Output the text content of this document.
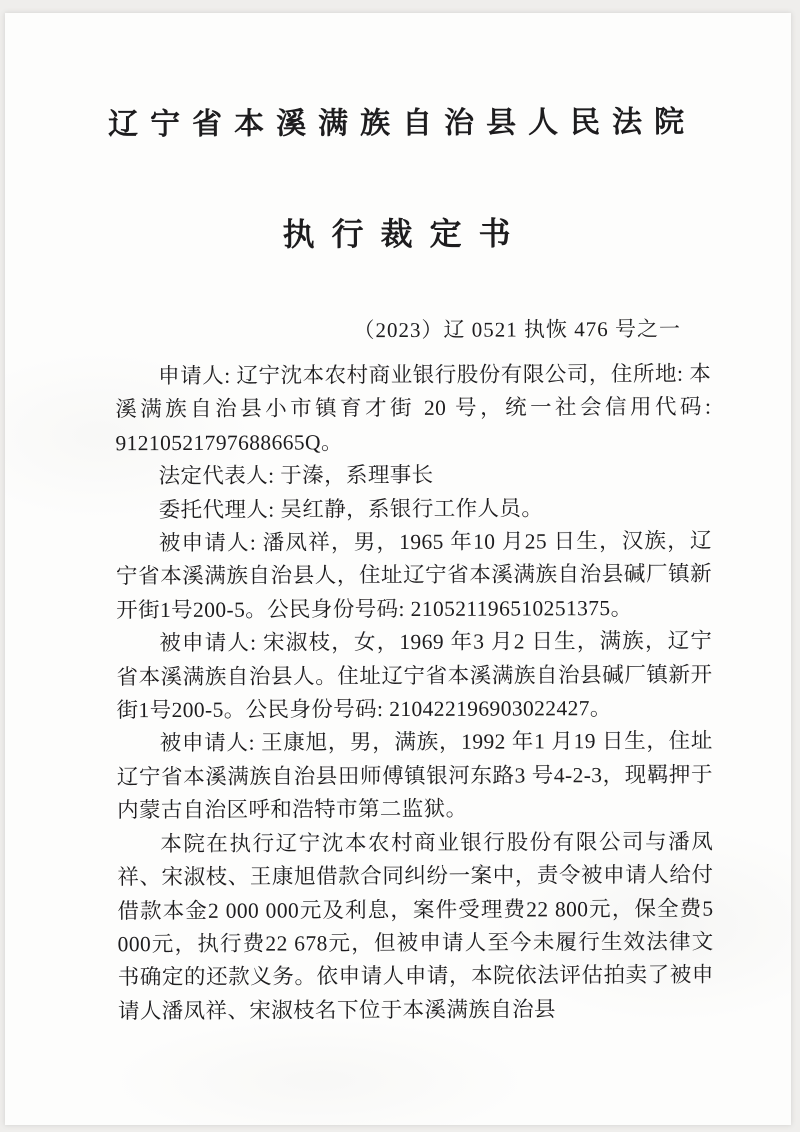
辽宁省本溪满族自治县人民法院
执行裁定书

（2023）辽 0521 执恢 476 号之一

申请人: 辽宁沈本农村商业银行股份有限公司，住所地: 本溪满族自治县小市镇育才街 20 号，统一社会信用代码: 91210521797688665Q。

法定代表人: 于溱，系理事长

委托代理人: 吴红静，系银行工作人员。

被申请人: 潘凤祥，男，1965 年10 月25 日生，汉族，辽宁省本溪满族自治县人，住址辽宁省本溪满族自治县碱厂镇新开街1号200-5。公民身份号码: 210521196510251375。

被申请人: 宋淑枝，女，1969 年3 月2 日生，满族，辽宁省本溪满族自治县人。住址辽宁省本溪满族自治县碱厂镇新开街1号200-5。公民身份号码: 210422196903022427。

被申请人: 王康旭，男，满族，1992 年1 月19 日生，住址辽宁省本溪满族自治县田师傅镇银河东路3 号4-2-3，现羁押于内蒙古自治区呼和浩特市第二监狱。

本院在执行辽宁沈本农村商业银行股份有限公司与潘凤祥、宋淑枝、王康旭借款合同纠纷一案中，责令被申请人给付借款本金2 000 000元及利息，案件受理费22 800元，保全费5 000元，执行费22 678元，但被申请人至今未履行生效法律文书确定的还款义务。依申请人申请，本院依法评估拍卖了被申请人潘凤祥、宋淑枝名下位于本溪满族自治县
